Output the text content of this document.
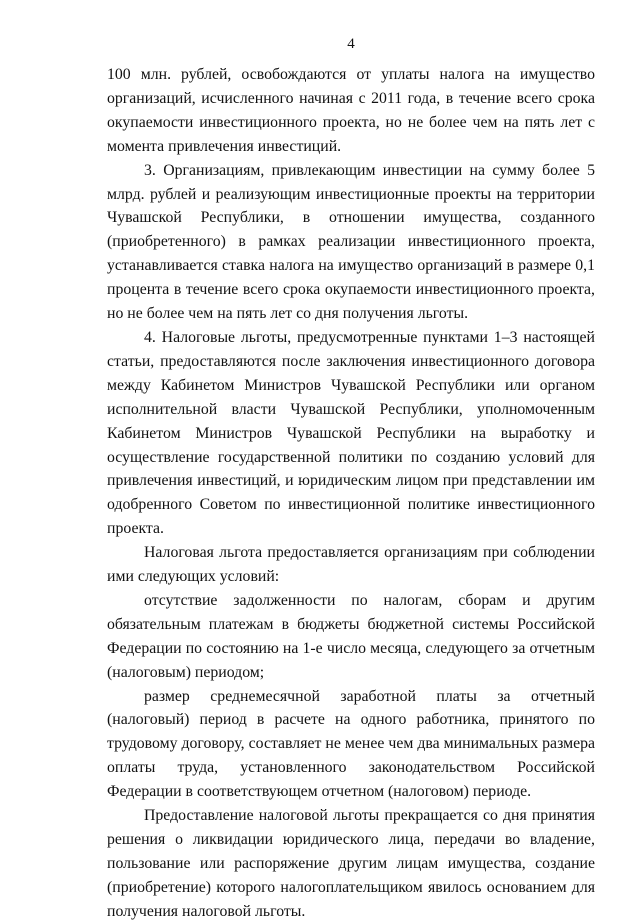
4

100 млн. рублей, освобождаются от уплаты налога на имущество организаций, исчисленного начиная с 2011 года, в течение всего срока окупаемости инвестиционного проекта, но не более чем на пять лет с момента привлечения инвестиций.

3. Организациям, привлекающим инвестиции на сумму более 5 млрд. рублей и реализующим инвестиционные проекты на территории Чувашской Республики, в отношении имущества, созданного (приобретенного) в рамках реализации инвестиционного проекта, устанавливается ставка налога на имущество организаций в размере 0,1 процента в течение всего срока окупаемости инвестиционного проекта, но не более чем на пять лет со дня получения льготы.

4. Налоговые льготы, предусмотренные пунктами 1–3 настоящей статьи, предоставляются после заключения инвестиционного договора между Кабинетом Министров Чувашской Республики или органом исполнительной власти Чувашской Республики, уполномоченным Кабинетом Министров Чувашской Республики на выработку и осуществление государственной политики по созданию условий для привлечения инвестиций, и юридическим лицом при представлении им одобренного Советом по инвестиционной политике инвестиционного проекта.

Налоговая льгота предоставляется организациям при соблюдении ими следующих условий:

отсутствие задолженности по налогам, сборам и другим обязательным платежам в бюджеты бюджетной системы Российской Федерации по состоянию на 1-е число месяца, следующего за отчетным (налоговым) периодом;

размер среднемесячной заработной платы за отчетный (налоговый) период в расчете на одного работника, принятого по трудовому договору, составляет не менее чем два минимальных размера оплаты труда, установленного законодательством Российской Федерации в соответствующем отчетном (налоговом) периоде.

Предоставление налоговой льготы прекращается со дня принятия решения о ликвидации юридического лица, передачи во владение, пользование или распоряжение другим лицам имущества, создание (приобретение) которого налогоплательщиком явилось основанием для получения налоговой льготы.
